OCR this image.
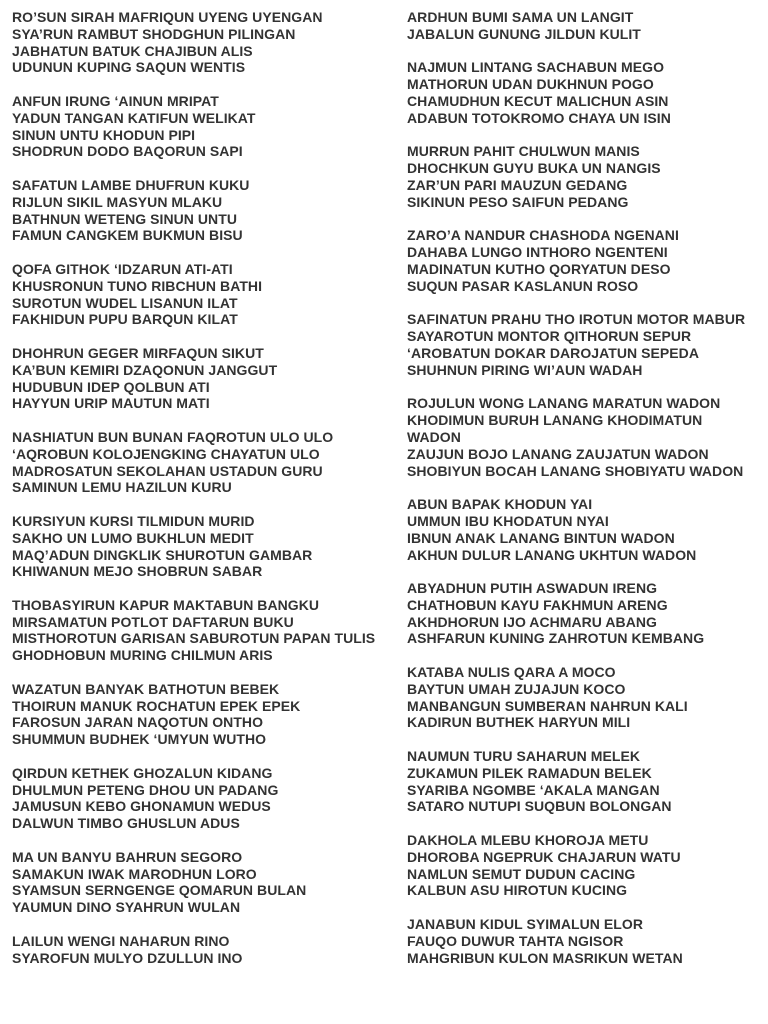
RO’SUN SIRAH MAFRIQUN UYENG UYENGAN
SYA’RUN RAMBUT SHODGHUN PILINGAN
JABHATUN BATUK CHAJIBUN ALIS
UDUNUN KUPING SAQUN WENTIS
ANFUN IRUNG ‘AINUN MRIPAT
YADUN TANGAN KATIFUN WELIKAT
SINUN UNTU KHODUN PIPI
SHODRUN DODO BAQORUN SAPI
SAFATUN LAMBE DHUFRUN KUKU
RIJLUN SIKIL MASYUN MLAKU
BATHNUN WETENG SINUN UNTU
FAMUN CANGKEM BUKMUN BISU
QOFA GITHOK ‘IDZARUN ATI-ATI
KHUSRONUN TUNO RIBCHUN BATHI
SUROTUN WUDEL LISANUN ILAT
FAKHIDUN PUPU BARQUN KILAT
DHOHRUN GEGER MIRFAQUN SIKUT
KA’BUN KEMIRI DZAQONUN JANGGUT
HUDUBUN IDEP QOLBUN ATI
HAYYUN URIP MAUTUN MATI
NASHIATUN BUN BUNAN FAQROTUN ULO ULO
‘AQROBUN KOLOJENGKING CHAYATUN ULO
MADROSATUN SEKOLAHAN USTADUN GURU
SAMINUN LEMU HAZILUN KURU
KURSIYUN KURSI TILMIDUN MURID
SAKHO UN LUMO BUKHLUN MEDIT
MAQ’ADUN DINGKLIK SHUROTUN GAMBAR
KHIWANUN MEJO SHOBRUN SABAR
THOBASYIRUN KAPUR MAKTABUN BANGKU
MIRSAMATUN POTLOT DAFTARUN BUKU
MISTHOROTUN GARISAN SABUROTUN PAPAN TULIS
GHODHOBUN MURING CHILMUN ARIS
WAZATUN BANYAK BATHOTUN BEBEK
THOIRUN MANUK ROCHATUN EPEK EPEK
FAROSUN JARAN NAQOTUN ONTHO
SHUMMUN BUDHEK ‘UMYUN WUTHO
QIRDUN KETHEK GHOZALUN KIDANG
DHULMUN PETENG DHOU UN PADANG
JAMUSUN KEBO GHONAMUN WEDUS
DALWUN TIMBO GHUSLUN ADUS
MA UN BANYU BAHRUN SEGORO
SAMAKUN IWAK MARODHUN LORO
SYAMSUN SERNGENGE QOMARUN BULAN
YAUMUN DINO SYAHRUN WULAN
LAILUN WENGI NAHARUN RINO
SYAROFUN MULYO DZULLUN INO
ARDHUN BUMI SAMA UN LANGIT
JABALUN GUNUNG JILDUN KULIT
NAJMUN LINTANG SACHABUN MEGO
MATHORUN UDAN DUKHNUN POGO
CHAMUDHUN KECUT MALICHUN ASIN
ADABUN TOTOKROMO CHAYA UN ISIN
MURRUN PAHIT CHULWUN MANIS
DHOCHKUN GUYU BUKA UN NANGIS
ZAR’UN PARI MAUZUN GEDANG
SIKINUN PESO SAIFUN PEDANG
ZARO’A NANDUR CHASHODA NGENANI
DAHABA LUNGO INTHORO NGENTENI
MADINATUN KUTHO QORYATUN DESO
SUQUN PASAR KASLANUN ROSO
SAFINATUN PRAHU THO IROTUN MOTOR MABUR
SAYAROTUN MONTOR QITHORUN SEPUR
‘AROBATUN DOKAR DAROJATUN SEPEDA
SHUHNUN PIRING WI’AUN WADAH
ROJULUN WONG LANANG MARATUN WADON
KHODIMUN BURUH LANANG KHODIMATUN WADON
ZAUJUN BOJO LANANG ZAUJATUN WADON
SHOBIYUN BOCAH LANANG SHOBIYATU WADON
ABUN BAPAK KHODUN YAI
UMMUN IBU KHODATUN NYAI
IBNUN ANAK LANANG BINTUN WADON
AKHUN DULUR LANANG UKHTUN WADON
ABYADHUN PUTIH ASWADUN IRENG
CHATHOBUN KAYU FAKHMUN ARENG
AKHDHORUN IJO ACHMARU ABANG
ASHFARUN KUNING ZAHROTUN KEMBANG
KATABA NULIS QARA A MOCO
BAYTUN UMAH ZUJAJUN KOCO
MANBANGUN SUMBERAN NAHRUN KALI
KADIRUN BUTHEK HARYUN MILI
NAUMUN TURU SAHARUN MELEK
ZUKAMUN PILEK RAMADUN BELEK
SYARIBA NGOMBE ‘AKALA MANGAN
SATARO NUTUPI SUQBUN BOLONGAN
DAKHOLA MLEBU KHOROJA METU
DHOROBA NGEPRUK CHAJARUN WATU
NAMLUN SEMUT DUDUN CACING
KALBUN ASU HIROTUN KUCING
JANABUN KIDUL SYIMALUN ELOR
FAUQO DUWUR TAHTA NGISOR
MAHGRIBUN KULON MASRIKUN WETAN
